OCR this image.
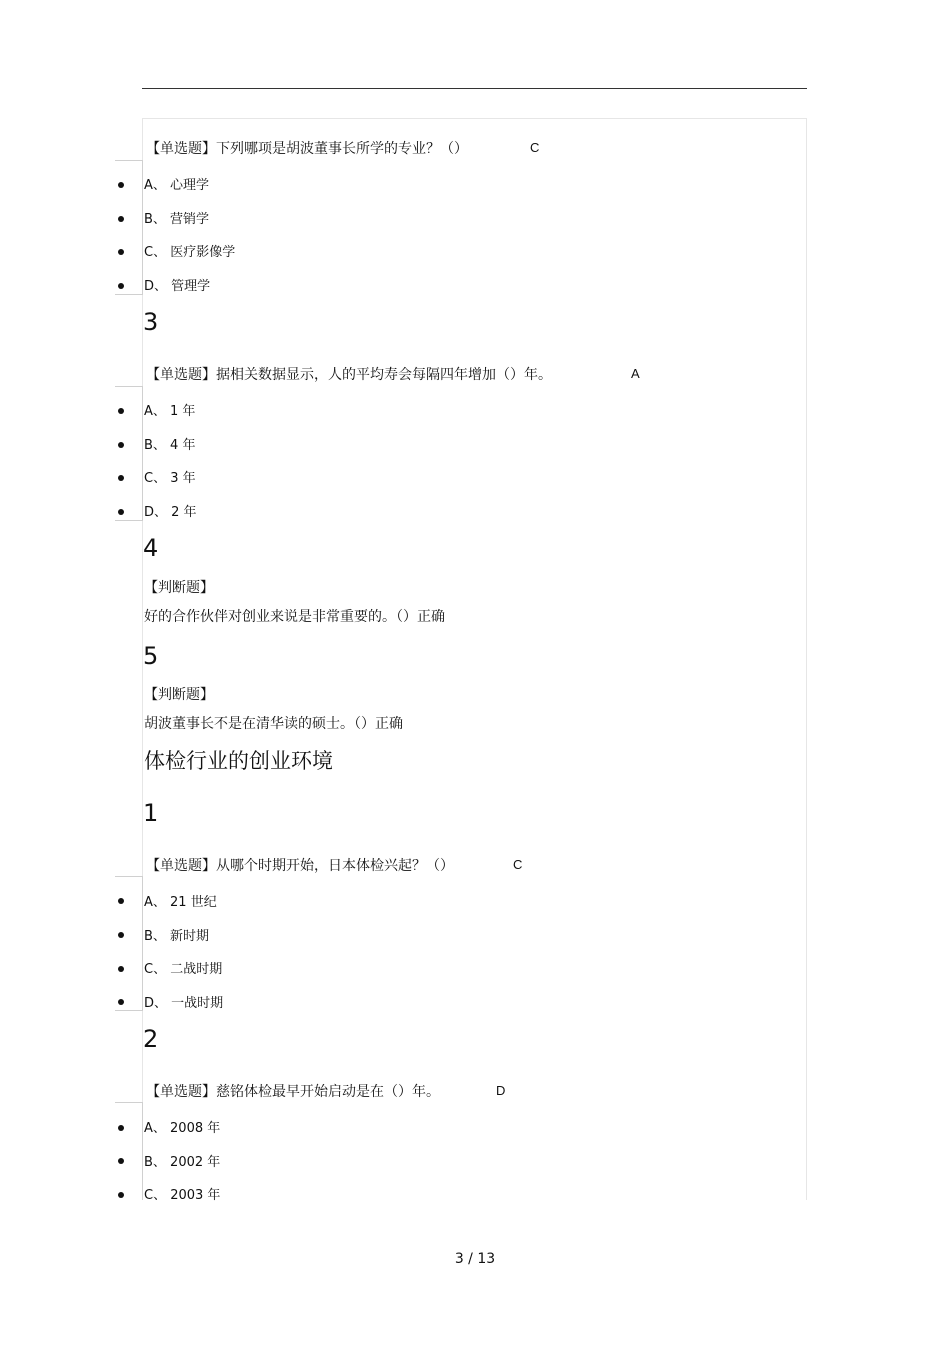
【单选题】下列哪项是胡波董事长所学的专业？（）	C
A、 心理学
B、 营销学
C、 医疗影像学
D、 管理学
3
【单选题】据相关数据显示，人的平均寿会每隔四年增加（）年。	A
A、 1 年
B、 4 年
C、 3 年
D、 2 年
4
【判断题】
好的合作伙伴对创业来说是非常重要的。（）正确
5
【判断题】
胡波董事长不是在清华读的硕士。（）正确
体检行业的创业环境
1
【单选题】从哪个时期开始，日本体检兴起？（）	C
A、 21 世纪
B、 新时期
C、 二战时期
D、 一战时期
2
【单选题】慈铭体检最早开始启动是在（）年。	D
A、 2008 年
B、 2002 年
C、 2003 年
3 / 13
